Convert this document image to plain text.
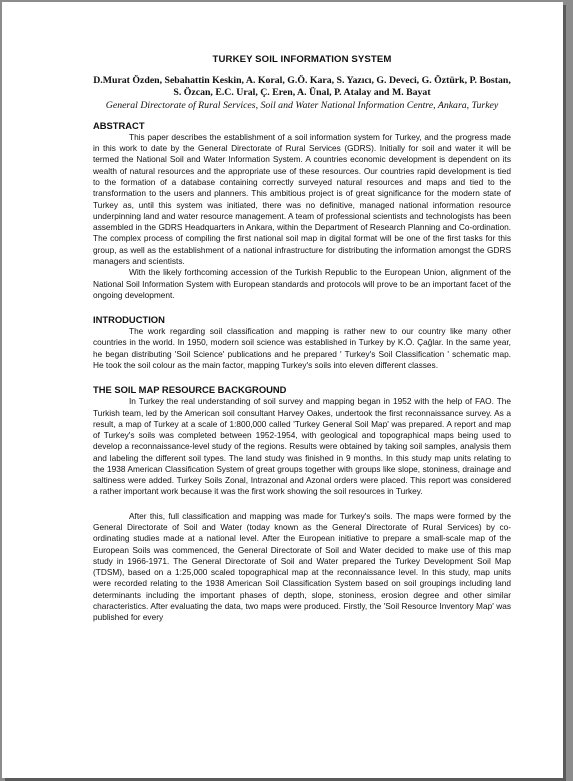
TURKEY SOIL INFORMATION SYSTEM

D.Murat Özden, Sebahattin Keskin, A. Koral, G.Ö. Kara, S. Yazıcı, G. Deveci, G. Öztürk, P. Bostan, S. Özcan, E.C. Ural, Ç. Eren, A. Ünal, P. Atalay and M. Bayat

General Directorate of Rural Services, Soil and Water National Information Centre, Ankara, Turkey

ABSTRACT

This paper describes the establishment of a soil information system for Turkey, and the progress made in this work to date by the General Directorate of Rural Services (GDRS). Initially for soil and water it will be termed the National Soil and Water Information System. A countries economic development is dependent on its wealth of natural resources and the appropriate use of these resources. Our countries rapid development is tied to the formation of a database containing correctly surveyed natural resources and maps and tied to the transformation to the users and planners. This ambitious project is of great significance for the modern state of Turkey as, until this system was initiated, there was no definitive, managed national information resource underpinning land and water resource management. A team of professional scientists and technologists has been assembled in the GDRS Headquarters in Ankara, within the Department of Research Planning and Co-ordination. The complex process of compiling the first national soil map in digital format will be one of the first tasks for this group, as well as the establishment of a national infrastructure for distributing the information amongst the GDRS managers and scientists.

With the likely forthcoming accession of the Turkish Republic to the European Union, alignment of the National Soil Information System with European standards and protocols will prove to be an important facet of the ongoing development.

INTRODUCTION

The work regarding soil classification and mapping is rather new to our country like many other countries in the world. In 1950, modern soil science was established in Turkey by K.Ö. Çağlar. In the same year, he began distributing 'Soil Science' publications and he prepared ' Turkey's Soil Classification ' schematic map. He took the soil colour as the main factor, mapping Turkey's soils into eleven different classes.

THE SOIL MAP RESOURCE BACKGROUND

In Turkey the real understanding of soil survey and mapping began in 1952 with the help of FAO. The Turkish team, led by the American soil consultant Harvey Oakes, undertook the first reconnaissance survey. As a result, a map of Turkey at a scale of 1:800,000 called 'Turkey General Soil Map' was prepared. A report and map of Turkey's soils was completed between 1952-1954, with geological and topographical maps being used to develop a reconnaissance-level study of the regions. Results were obtained by taking soil samples, analysis them and labeling the different soil types. The land study was finished in 9 months. In this study map units relating to the 1938 American Classification System of great groups together with groups like slope, stoniness, drainage and saltiness were added. Turkey Soils Zonal, Intrazonal and Azonal orders were placed. This report was considered a rather important work because it was the first work showing the soil resources in Turkey.

After this, full classification and mapping was made for Turkey's soils. The maps were formed by the General Directorate of Soil and Water (today known as the General Directorate of Rural Services) by co-ordinating studies made at a national level. After the European initiative to prepare a small-scale map of the European Soils was commenced, the General Directorate of Soil and Water decided to make use of this map study in 1966-1971. The General Directorate of Soil and Water prepared the Turkey Development Soil Map (TDSM), based on a 1:25,000 scaled topographical map at the reconnaissance level. In this study, map units were recorded relating to the 1938 American Soil Classification System based on soil groupings including land determinants including the important phases of depth, slope, stoniness, erosion degree and other similar characteristics. After evaluating the data, two maps were produced. Firstly, the 'Soil Resource Inventory Map' was published for every
